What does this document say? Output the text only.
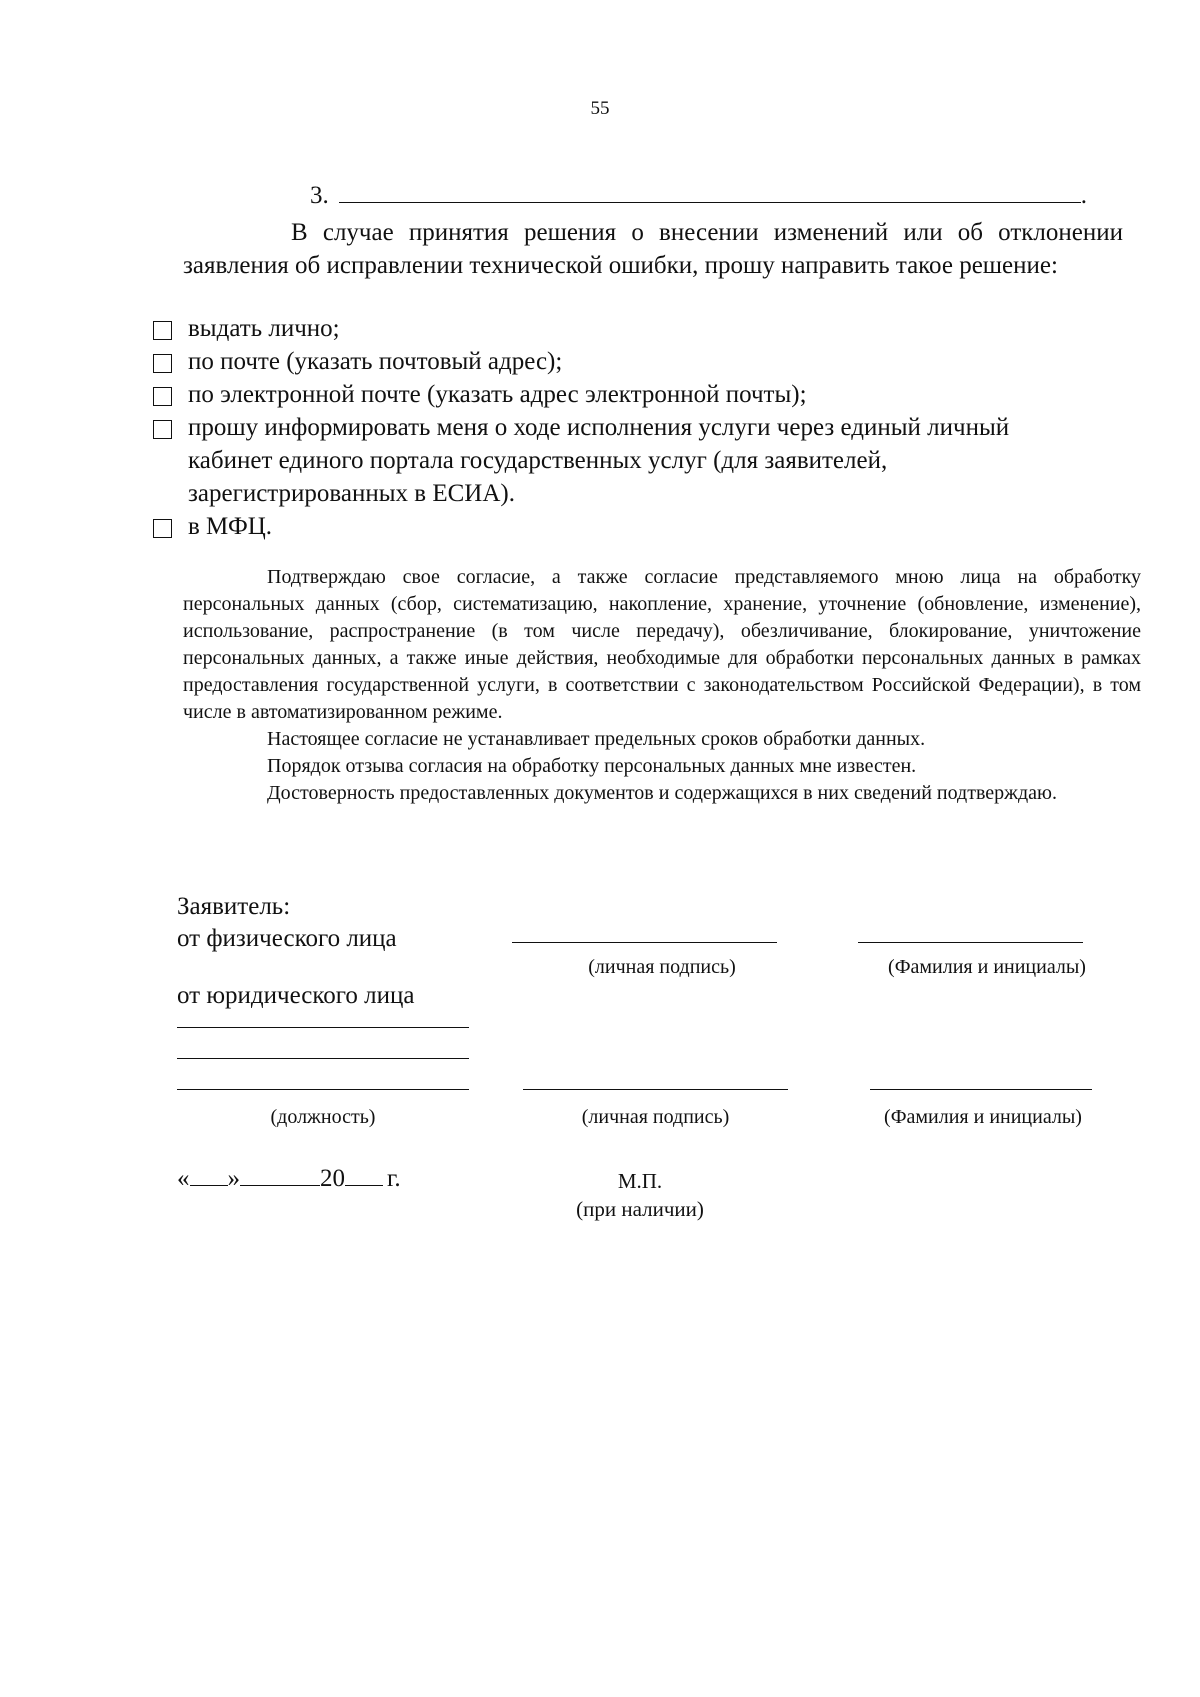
55
3.	.
В случае принятия решения о внесении изменений или об отклонении заявления об исправлении технической ошибки, прошу направить такое решение:
выдать лично;
по почте (указать почтовый адрес);
по электронной почте (указать адрес электронной почты);
прошу информировать меня о ходе исполнения услуги через единый личный кабинет единого портала государственных услуг (для заявителей, зарегистрированных в ЕСИА).
в МФЦ.

Подтверждаю свое согласие, а также согласие представляемого мною лица на обработку персональных данных (сбор, систематизацию, накопление, хранение, уточнение (обновление, изменение), использование, распространение (в том числе передачу), обезличивание, блокирование, уничтожение персональных данных, а также иные действия, необходимые для обработки персональных данных в рамках предоставления государственной услуги, в соответствии с законодательством Российской Федерации), в том числе в автоматизированном режиме.

Настоящее согласие не устанавливает предельных сроков обработки данных.

Порядок отзыва согласия на обработку персональных данных мне известен.

Достоверность предоставленных документов и содержащихся в них сведений подтверждаю.

Заявитель:
от физического лица
(личная подпись)	(Фамилия и инициалы)
от юридического лица
(должность)	(личная подпись)	(Фамилия и инициалы)
« »	20 г.	М.П.
(при наличии)
